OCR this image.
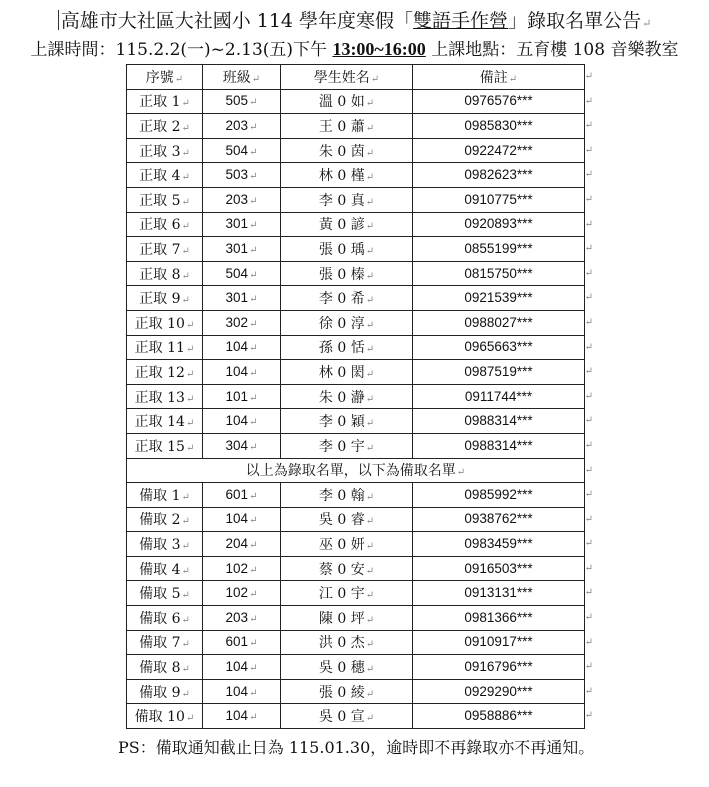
高雄市大社區大社國小 114 學年度寒假「雙語手作營」錄取名單公告↵
上課時間：115.2.2(一)~2.13(五)下午 13:00~16:00 上課地點：五育樓 108 音樂教室
序號↵	班級↵	學生姓名↵	備註↵ ↵

正取 1↵	505↵	溫 0 如↵	0976576*** ↵

正取 2↵	203↵	王 0 蕭↵	0985830*** ↵

正取 3↵	504↵	朱 0 茵↵	0922472*** ↵

正取 4↵	503↵	林 0 槿↵	0982623*** ↵

正取 5↵	203↵	李 0 真↵	0910775*** ↵

正取 6↵	301↵	黃 0 諺↵	0920893*** ↵

正取 7↵	301↵	張 0 瑀↵	0855199*** ↵

正取 8↵	504↵	張 0 榛↵	0815750*** ↵

正取 9↵	301↵	李 0 希↵	0921539*** ↵

正取 10↵	302↵	徐 0 淳↵	0988027*** ↵

正取 11↵	104↵	孫 0 恬↵	0965663*** ↵

正取 12↵	104↵	林 0 閎↵	0987519*** ↵

正取 13↵	101↵	朱 0 瀞↵	0911744*** ↵

正取 14↵	104↵	李 0 穎↵	0988314*** ↵

正取 15↵	304↵	李 0 宇↵	0988314*** ↵

以上為錄取名單，以下為備取名單↵ ↵			

備取 1↵	601↵	李 0 翰↵	0985992*** ↵

備取 2↵	104↵	吳 0 睿↵	0938762*** ↵

備取 3↵	204↵	巫 0 妍↵	0983459*** ↵

備取 4↵	102↵	蔡 0 安↵	0916503*** ↵

備取 5↵	102↵	江 0 宇↵	0913131*** ↵

備取 6↵	203↵	陳 0 坪↵	0981366*** ↵

備取 7↵	601↵	洪 0 杰↵	0910917*** ↵

備取 8↵	104↵	吳 0 穗↵	0916796*** ↵

備取 9↵	104↵	張 0 綾↵	0929290*** ↵

備取 10↵	104↵	吳 0 宣↵	0958886*** ↵
PS：備取通知截止日為 115.01.30，逾時即不再錄取亦不再通知。
